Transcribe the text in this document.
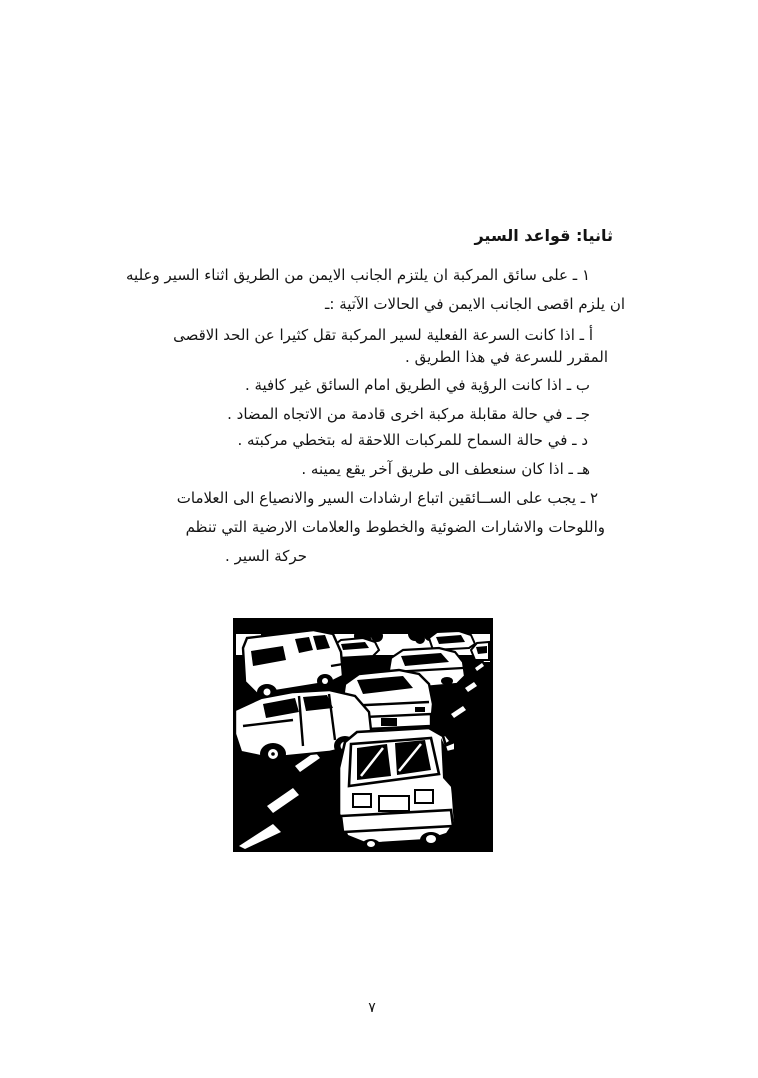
ثانيا: قواعد السير
١ ـ على سائق المركبة ان يلتزم الجانب الايمن من الطريق اثناء السير وعليه
ان يلزم اقصى الجانب الايمن في الحالات الآتية :ـ
أ ـ اذا كانت السرعة الفعلية لسير المركبة تقل كثيرا عن الحد الاقصى
المقرر للسرعة في هذا الطريق .
ب ـ اذا كانت الرؤية في الطريق امام السائق غير كافية .
جـ ـ في حالة مقابلة مركبة اخرى قادمة من الاتجاه المضاد .
د ـ في حالة السماح للمركبات اللاحقة له بتخطي مركبته .
هـ ـ اذا كان سنعطف الى طريق آخر يقع يمينه .
٢ ـ يجب على الســائقين اتباع ارشادات السير والانصياع الى العلامات
واللوحات والاشارات الضوئية والخطوط والعلامات الارضية التي تنظم
حركة السير .
٧
